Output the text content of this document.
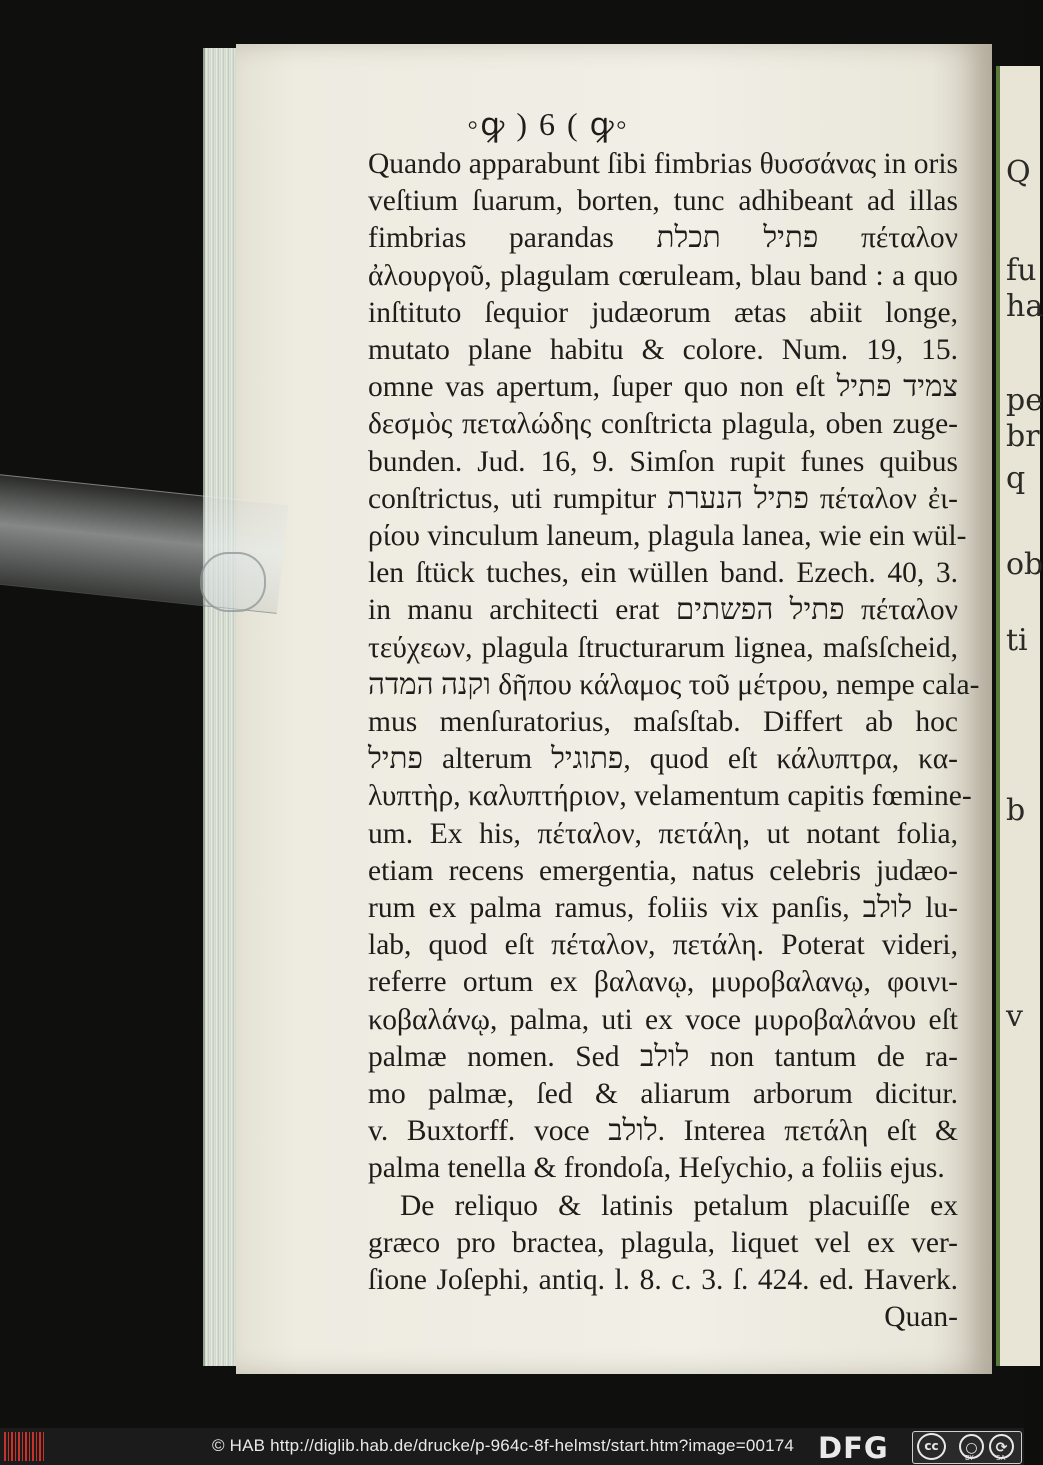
Q
fu
ha
pe
br
q
ob
ti
b
v
◦ꝙ ) 6 ( ꝙ◦
Quando apparabunt ſibi fimbrias θυσσάνας in oris
veſtium ſuarum, borten, tunc adhibeant ad illas
fimbrias parandas פתיל תכלת πέταλον
ἀλουργοῦ, plagulam cœruleam, blau band : a quo
inſtituto ſequior judæorum ætas abiit longe,
mutato plane habitu & colore. Num. 19, 15.
omne vas apertum, ſuper quo non eſt צמיד פתיל
δεσμὸς πεταλώδης conſtricta plagula, oben zuge-
bunden. Jud. 16, 9. Simſon rupit funes quibus
conſtrictus, uti rumpitur פתיל הנערת πέταλον ἐι-
ρίου vinculum laneum, plagula lanea, wie ein wül-
len ſtück tuches, ein wüllen band. Ezech. 40, 3.
in manu architecti erat פתיל הפשתים πέταλον
τεύχεων, plagula ſtructurarum lignea, maſsſcheid,
וקנה המדה δῆπου κάλαμος τοῦ μέτρου, nempe cala-
mus menſuratorius, maſsſtab. Differt ab hoc
פתיל alterum פתוגיל, quod eſt κάλυπτρα, κα-
λυπτὴρ, καλυπτήριον, velamentum capitis fœmine-
um. Ex his, πέταλον, πετάλη, ut notant folia,
etiam recens emergentia, natus celebris judæo-
rum ex palma ramus, foliis vix panſis, לולב lu-
lab, quod eſt πέταλον, πετάλη. Poterat videri,
referre ortum ex βαλανῳ, μυροβαλανῳ, φοινι-
κοβαλάνῳ, palma, uti ex voce μυροβαλάνου eſt
palmæ nomen. Sed לולב non tantum de ra-
mo palmæ, ſed & aliarum arborum dicitur.
v. Buxtorff. voce לולב. Interea πετάλη eſt &
palma tenella & frondoſa, Heſychio, a foliis ejus.
De reliquo & latinis petalum placuiſſe ex
græco pro bractea, plagula, liquet vel ex ver-
ſione Joſephi, antiq. l. 8. c. 3. ſ. 424. ed. Haverk.
Quan-
© HAB http://diglib.hab.de/drucke/p-964c-8f-helmst/start.htm?image=00174 DFG	cc	○
BY
⟳
SA
